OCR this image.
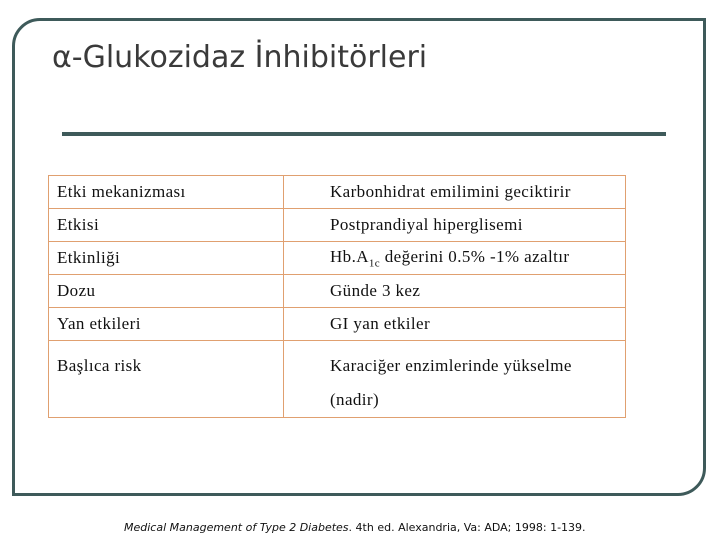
α-Glukozidaz İnhibitörleri
Etki mekanizması	Karbonhidrat emilimini geciktirir
Etkisi	Postprandiyal hiperglisemi
Etkinliği	$Hb.A_{1c}$ değerini 0.5% -1% azaltır
Dozu	Günde 3 kez
Yan etkileri	GI yan etkiler
Başlıca risk	Karaciğer enzimlerinde yükselme
(nadir)
Medical Management of Type 2 Diabetes. 4th ed. Alexandria, Va: ADA; 1998: 1-139.
